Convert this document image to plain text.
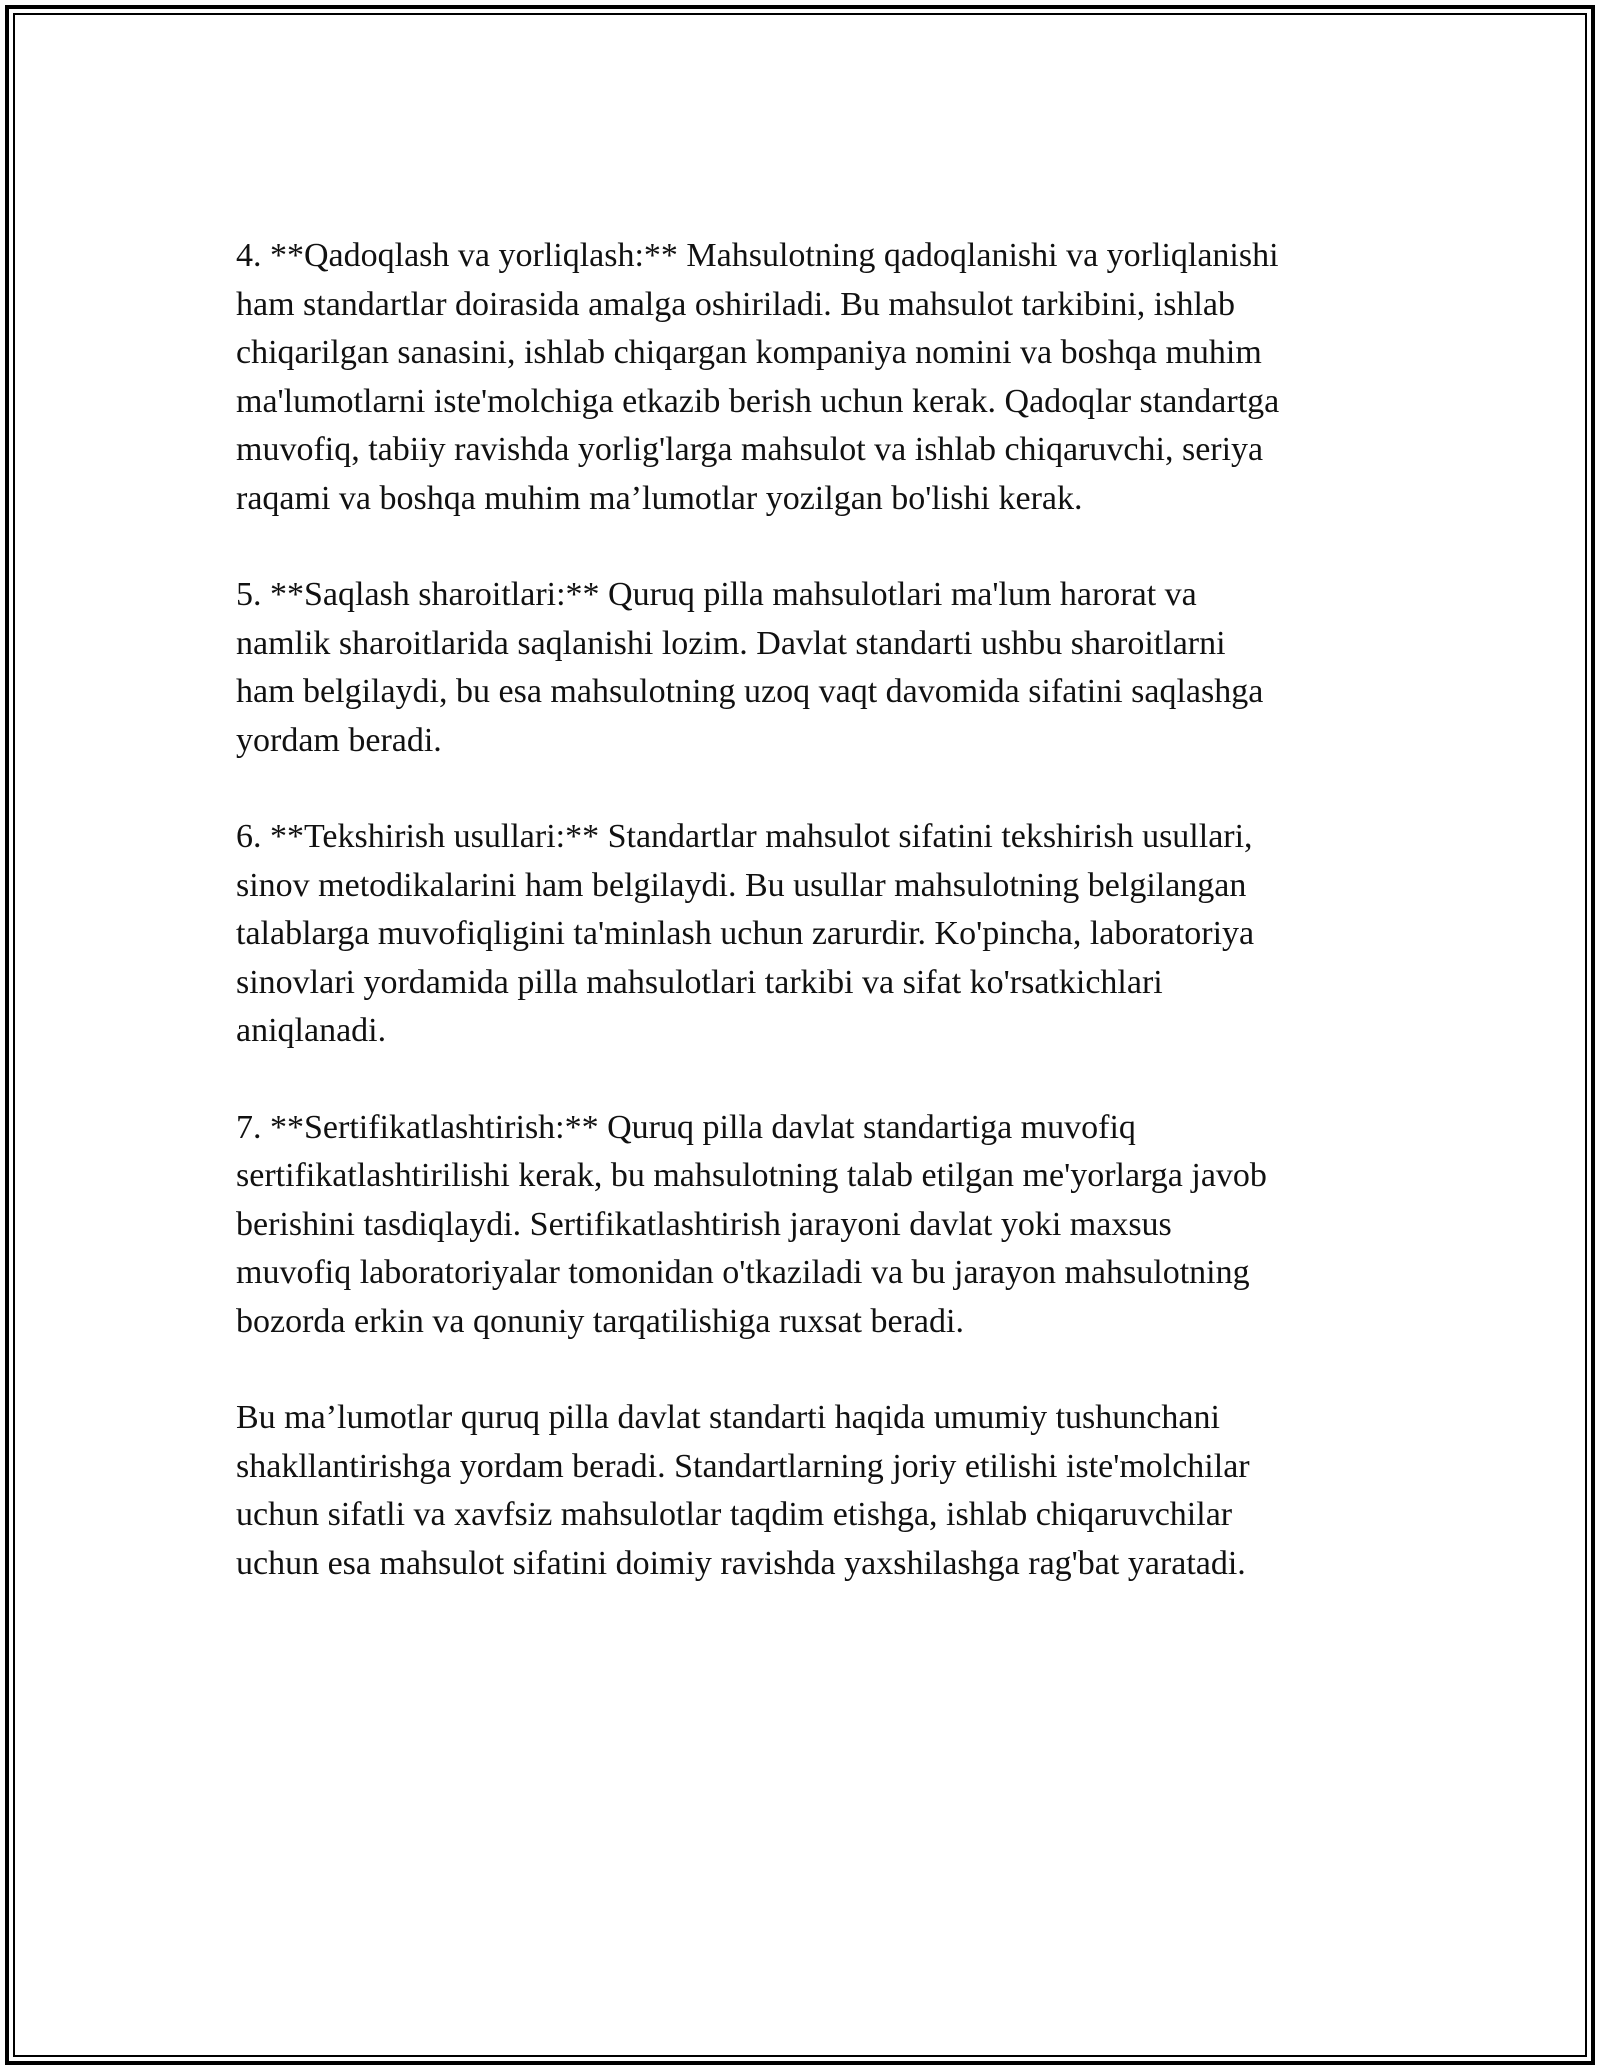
4. **Qadoqlash va yorliqlash:** Mahsulotning qadoqlanishi va yorliqlanishi
ham standartlar doirasida amalga oshiriladi. Bu mahsulot tarkibini, ishlab
chiqarilgan sanasini, ishlab chiqargan kompaniya nomini va boshqa muhim
ma'lumotlarni iste'molchiga etkazib berish uchun kerak. Qadoqlar standartga
muvofiq, tabiiy ravishda yorlig'larga mahsulot va ishlab chiqaruvchi, seriya
raqami va boshqa muhim ma’lumotlar yozilgan bo'lishi kerak.

5. **Saqlash sharoitlari:** Quruq pilla mahsulotlari ma'lum harorat va
namlik sharoitlarida saqlanishi lozim. Davlat standarti ushbu sharoitlarni
ham belgilaydi, bu esa mahsulotning uzoq vaqt davomida sifatini saqlashga
yordam beradi.

6. **Tekshirish usullari:** Standartlar mahsulot sifatini tekshirish usullari,
sinov metodikalarini ham belgilaydi. Bu usullar mahsulotning belgilangan
talablarga muvofiqligini ta'minlash uchun zarurdir. Ko'pincha, laboratoriya
sinovlari yordamida pilla mahsulotlari tarkibi va sifat ko'rsatkichlari
aniqlanadi.

7. **Sertifikatlashtirish:** Quruq pilla davlat standartiga muvofiq
sertifikatlashtirilishi kerak, bu mahsulotning talab etilgan me'yorlarga javob
berishini tasdiqlaydi. Sertifikatlashtirish jarayoni davlat yoki maxsus
muvofiq laboratoriyalar tomonidan o'tkaziladi va bu jarayon mahsulotning
bozorda erkin va qonuniy tarqatilishiga ruxsat beradi.

Bu ma’lumotlar quruq pilla davlat standarti haqida umumiy tushunchani
shakllantirishga yordam beradi. Standartlarning joriy etilishi iste'molchilar
uchun sifatli va xavfsiz mahsulotlar taqdim etishga, ishlab chiqaruvchilar
uchun esa mahsulot sifatini doimiy ravishda yaxshilashga rag'bat yaratadi.
